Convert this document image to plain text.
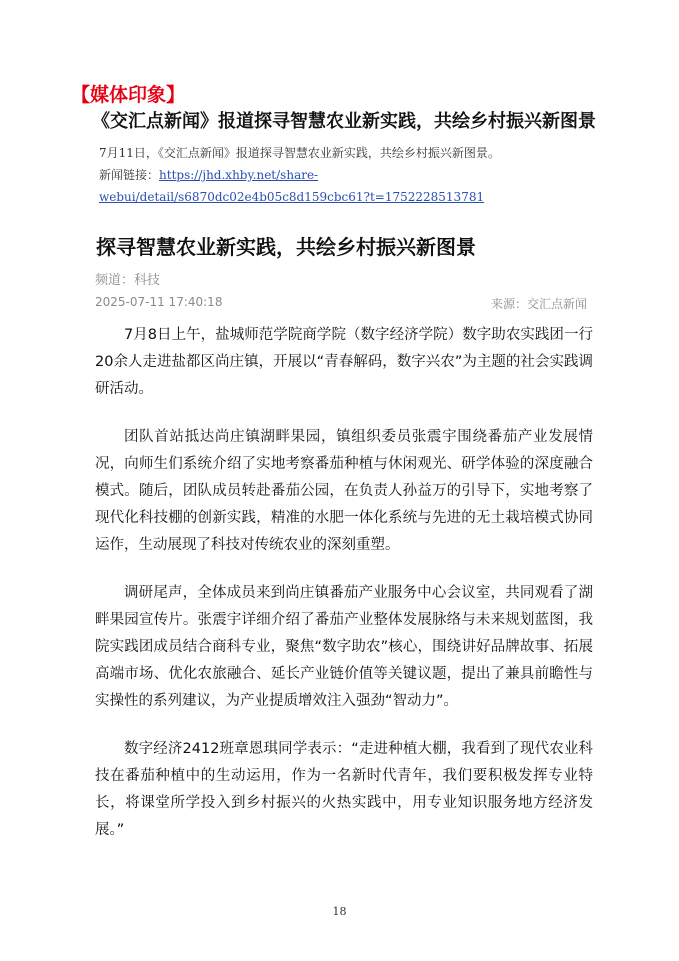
【媒体印象】
《交汇点新闻》报道探寻智慧农业新实践，共绘乡村振兴新图景
7月11日，《交汇点新闻》报道探寻智慧农业新实践，共绘乡村振兴新图景。
新闻链接：https://jhd.xhby.net/share-
webui/detail/s6870dc02e4b05c8d159cbc61?t=1752228513781
探寻智慧农业新实践，共绘乡村振兴新图景
频道：科技
2025-07-11 17:40:18	来源：交汇点新闻

7月8日上午，盐城师范学院商学院（数字经济学院）数字助农实践团一行20余人走进盐都区尚庄镇，开展以“青春解码，数字兴农”为主题的社会实践调研活动。

团队首站抵达尚庄镇湖畔果园，镇组织委员张震宇围绕番茄产业发展情况，向师生们系统介绍了实地考察番茄种植与休闲观光、研学体验的深度融合模式。随后，团队成员转赴番茄公园，在负责人孙益万的引导下，实地考察了现代化科技棚的创新实践，精准的水肥一体化系统与先进的无土栽培模式协同运作，生动展现了科技对传统农业的深刻重塑。

调研尾声，全体成员来到尚庄镇番茄产业服务中心会议室，共同观看了湖畔果园宣传片。张震宇详细介绍了番茄产业整体发展脉络与未来规划蓝图，我院实践团成员结合商科专业，聚焦“数字助农”核心，围绕讲好品牌故事、拓展高端市场、优化农旅融合、延长产业链价值等关键议题，提出了兼具前瞻性与实操性的系列建议，为产业提质增效注入强劲“智动力”。

数字经济2412班章恩琪同学表示：“走进种植大棚，我看到了现代农业科技在番茄种植中的生动运用，作为一名新时代青年，我们要积极发挥专业特长，将课堂所学投入到乡村振兴的火热实践中，用专业知识服务地方经济发展。”

18
